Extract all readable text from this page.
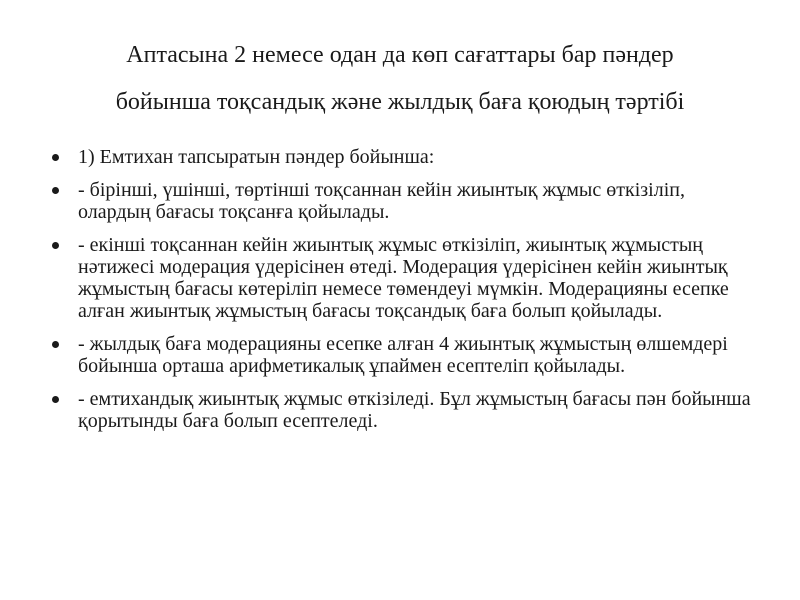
Аптасына 2 немесе одан да көп сағаттары бар пәндер
бойынша тоқсандық және жылдық баға қоюдың тәртібі
1) Емтихан тапсыратын пәндер бойынша:
- бірінші, үшінші, төртінші тоқсаннан кейін жиынтық жұмыс өткізіліп, олардың бағасы тоқсанға қойылады.
- екінші тоқсаннан кейін жиынтық жұмыс өткізіліп, жиынтық жұмыстың нәтижесі модерация үдерісінен өтеді. Модерация үдерісінен кейін жиынтық жұмыстың бағасы көтеріліп немесе төмендеуі мүмкін. Модерацияны есепке алған жиынтық жұмыстың бағасы тоқсандық баға болып қойылады.
- жылдық баға модерацияны есепке алған 4 жиынтық жұмыстың өлшемдері бойынша орташа арифметикалық ұпаймен есептеліп қойылады.
- емтихандық жиынтық жұмыс өткізіледі. Бұл жұмыстың бағасы пән бойынша қорытынды баға болып есептеледі.
